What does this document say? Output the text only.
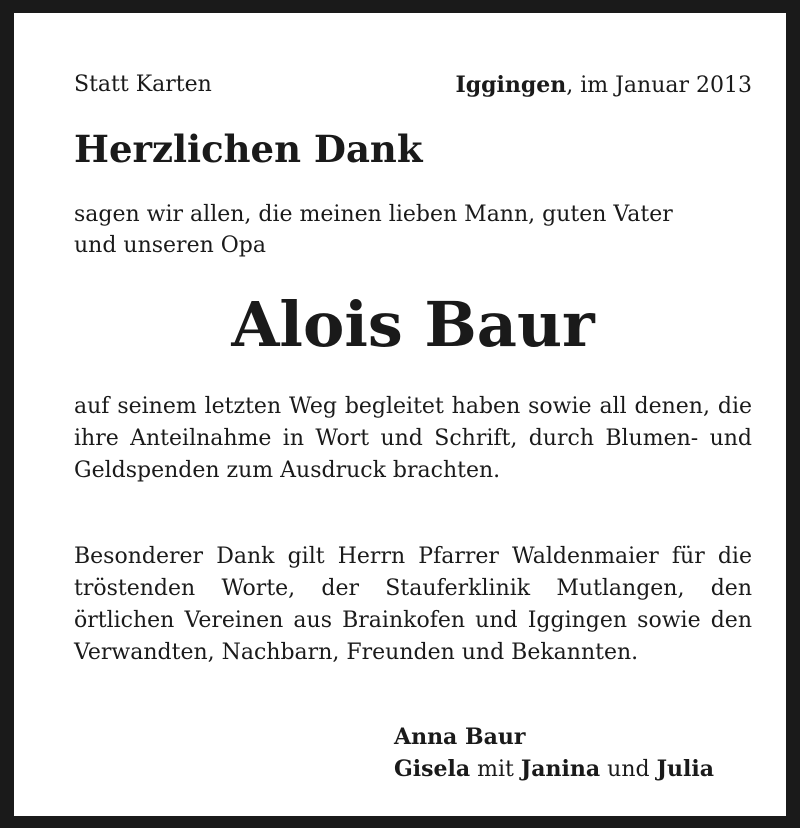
Statt Karten	Iggingen, im Januar 2013
Herzlichen Dank
sagen wir allen, die meinen lieben Mann, guten Vater
und unseren Opa
Alois Baur
auf seinem letzten Weg begleitet haben sowie all denen, die ihre Anteilnahme in Wort und Schrift, durch Blumen- und Geldspenden zum Ausdruck brachten.
Besonderer Dank gilt Herrn Pfarrer Waldenmaier für die tröstenden Worte, der Stauferklinik Mutlangen, den örtlichen Vereinen aus Brainkofen und Iggingen sowie den Verwandten, Nachbarn, Freunden und Bekannten.
Anna Baur
Gisela mit Janina und Julia
